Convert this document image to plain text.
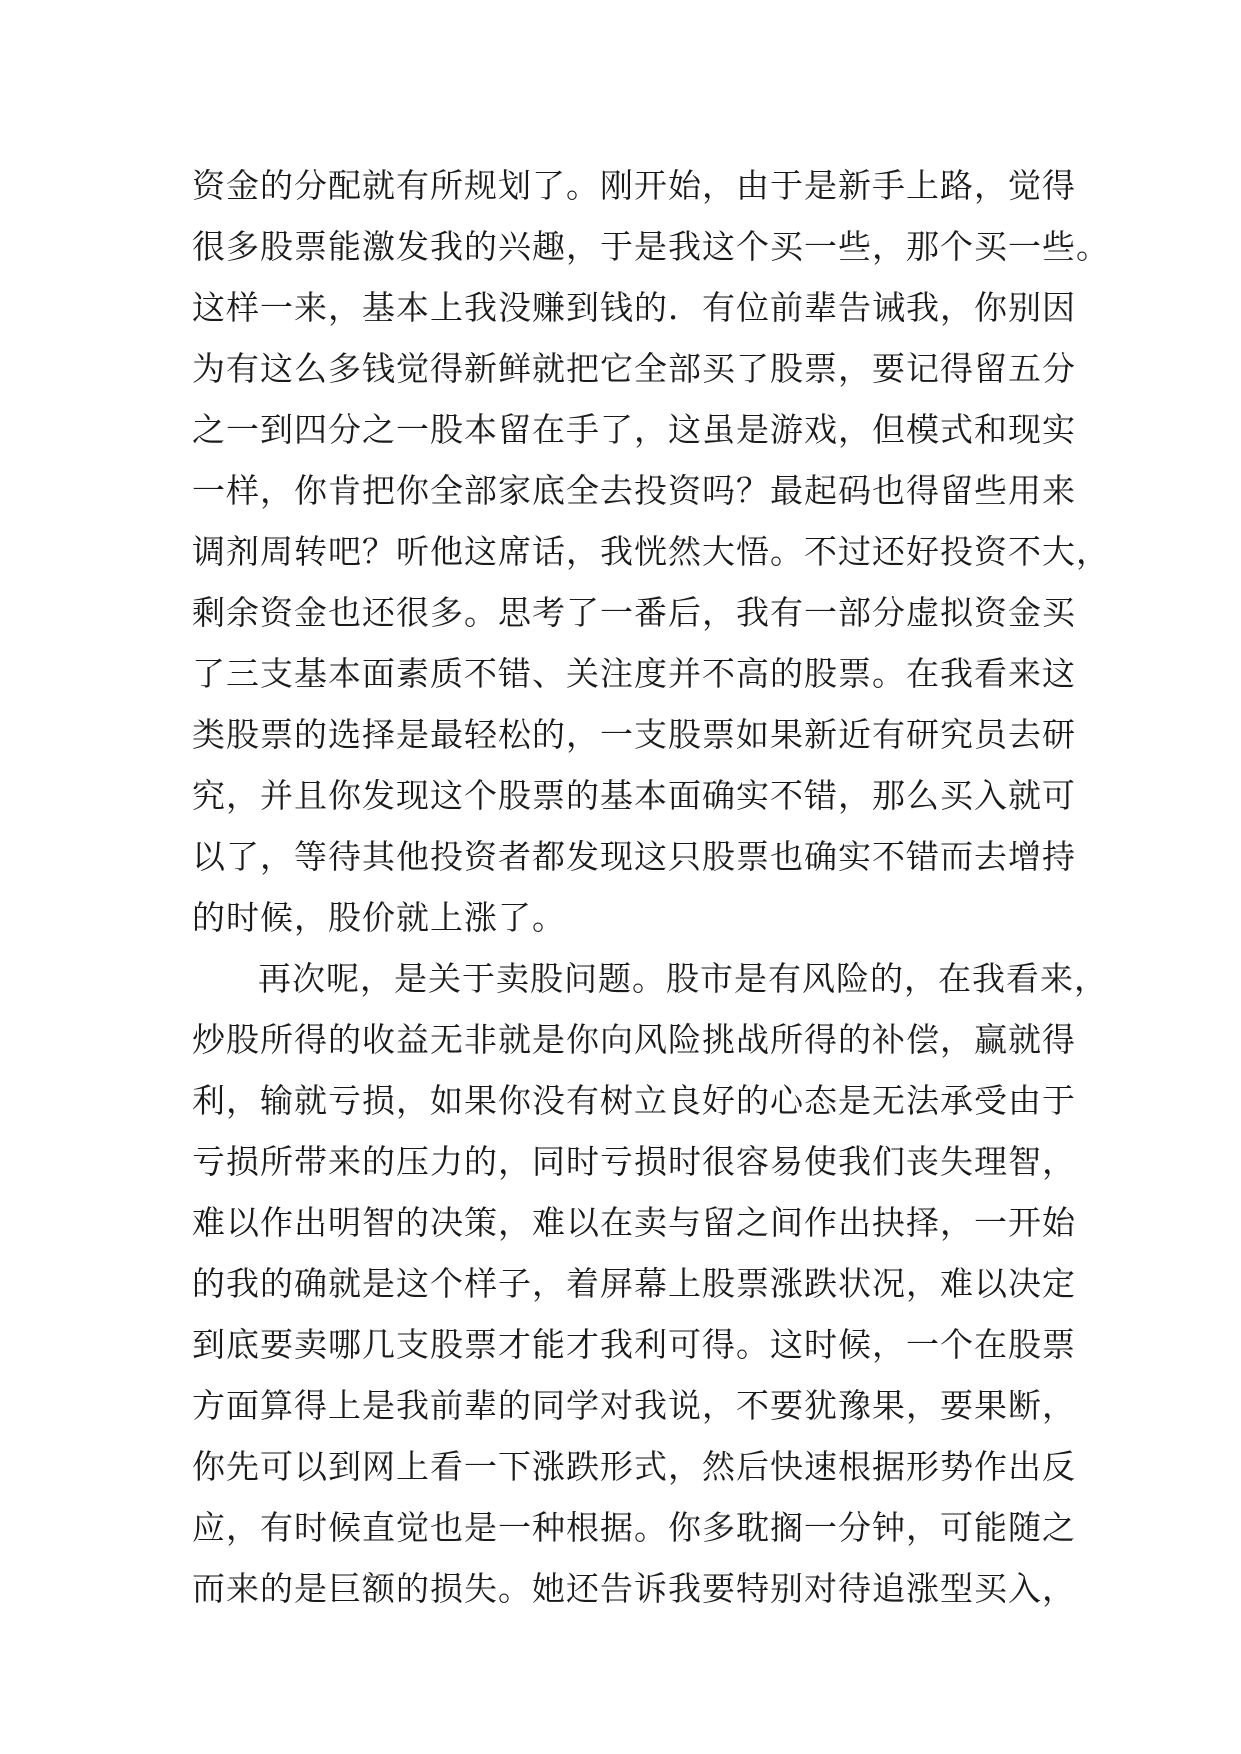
资金的分配就有所规划了。刚开始，由于是新手上路，觉得
很多股票能激发我的兴趣，于是我这个买一些，那个买一些。
这样一来，基本上我没赚到钱的．有位前辈告诫我，你别因
为有这么多钱觉得新鲜就把它全部买了股票，要记得留五分
之一到四分之一股本留在手了，这虽是游戏，但模式和现实
一样，你肯把你全部家底全去投资吗？最起码也得留些用来
调剂周转吧？听他这席话，我恍然大悟。不过还好投资不大，
剩余资金也还很多。思考了一番后，我有一部分虚拟资金买
了三支基本面素质不错、关注度并不高的股票。在我看来这
类股票的选择是最轻松的，一支股票如果新近有研究员去研
究，并且你发现这个股票的基本面确实不错，那么买入就可
以了，等待其他投资者都发现这只股票也确实不错而去增持
的时候，股价就上涨了。
再次呢，是关于卖股问题。股市是有风险的，在我看来，
炒股所得的收益无非就是你向风险挑战所得的补偿，赢就得
利，输就亏损，如果你没有树立良好的心态是无法承受由于
亏损所带来的压力的，同时亏损时很容易使我们丧失理智，
难以作出明智的决策，难以在卖与留之间作出抉择，一开始
的我的确就是这个样子，着屏幕上股票涨跌状况，难以决定
到底要卖哪几支股票才能才我利可得。这时候，一个在股票
方面算得上是我前辈的同学对我说，不要犹豫果，要果断，
你先可以到网上看一下涨跌形式，然后快速根据形势作出反
应，有时候直觉也是一种根据。你多耽搁一分钟，可能随之
而来的是巨额的损失。她还告诉我要特别对待追涨型买入，
